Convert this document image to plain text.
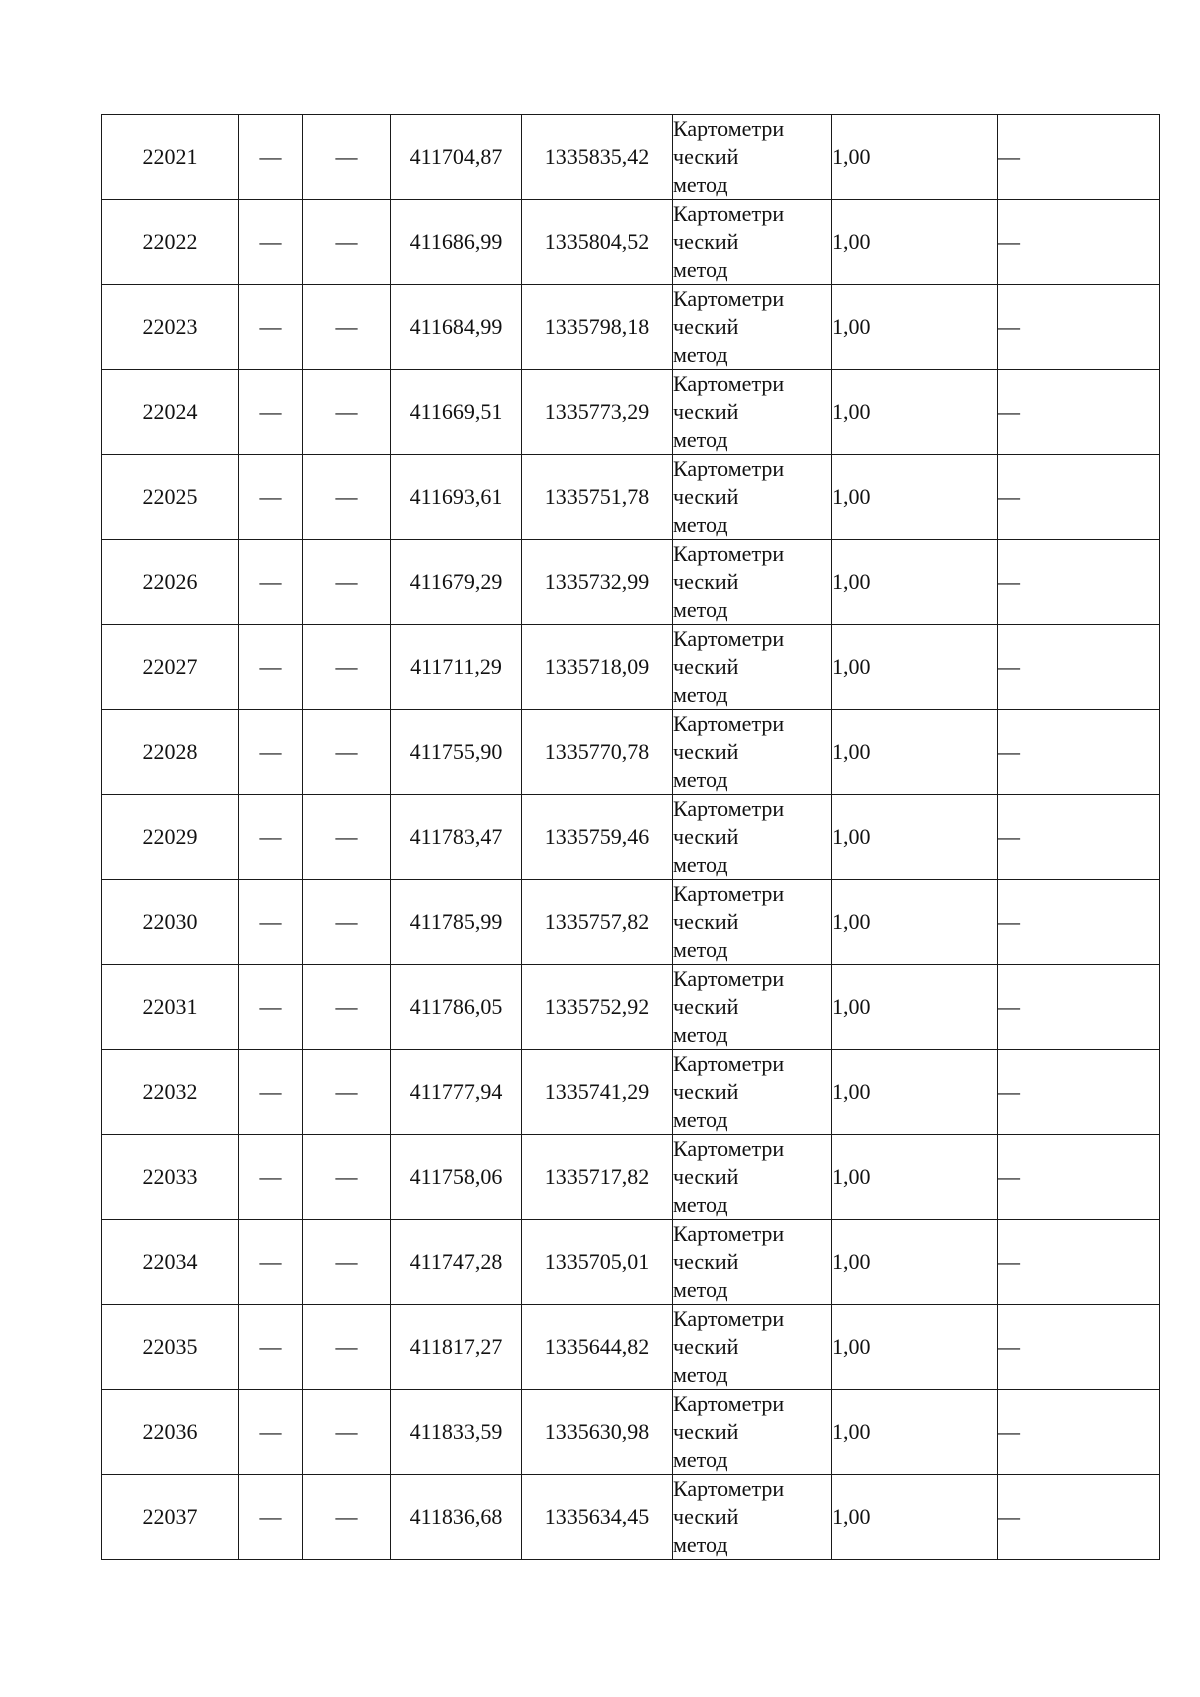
22021	—	—	411704,87	1335835,42	Картометри
ческий
метод	1,00	—
22022	—	—	411686,99	1335804,52	Картометри
ческий
метод	1,00	—
22023	—	—	411684,99	1335798,18	Картометри
ческий
метод	1,00	—
22024	—	—	411669,51	1335773,29	Картометри
ческий
метод	1,00	—
22025	—	—	411693,61	1335751,78	Картометри
ческий
метод	1,00	—
22026	—	—	411679,29	1335732,99	Картометри
ческий
метод	1,00	—
22027	—	—	411711,29	1335718,09	Картометри
ческий
метод	1,00	—
22028	—	—	411755,90	1335770,78	Картометри
ческий
метод	1,00	—
22029	—	—	411783,47	1335759,46	Картометри
ческий
метод	1,00	—
22030	—	—	411785,99	1335757,82	Картометри
ческий
метод	1,00	—
22031	—	—	411786,05	1335752,92	Картометри
ческий
метод	1,00	—
22032	—	—	411777,94	1335741,29	Картометри
ческий
метод	1,00	—
22033	—	—	411758,06	1335717,82	Картометри
ческий
метод	1,00	—
22034	—	—	411747,28	1335705,01	Картометри
ческий
метод	1,00	—
22035	—	—	411817,27	1335644,82	Картометри
ческий
метод	1,00	—
22036	—	—	411833,59	1335630,98	Картометри
ческий
метод	1,00	—
22037	—	—	411836,68	1335634,45	Картометри
ческий
метод	1,00	—
